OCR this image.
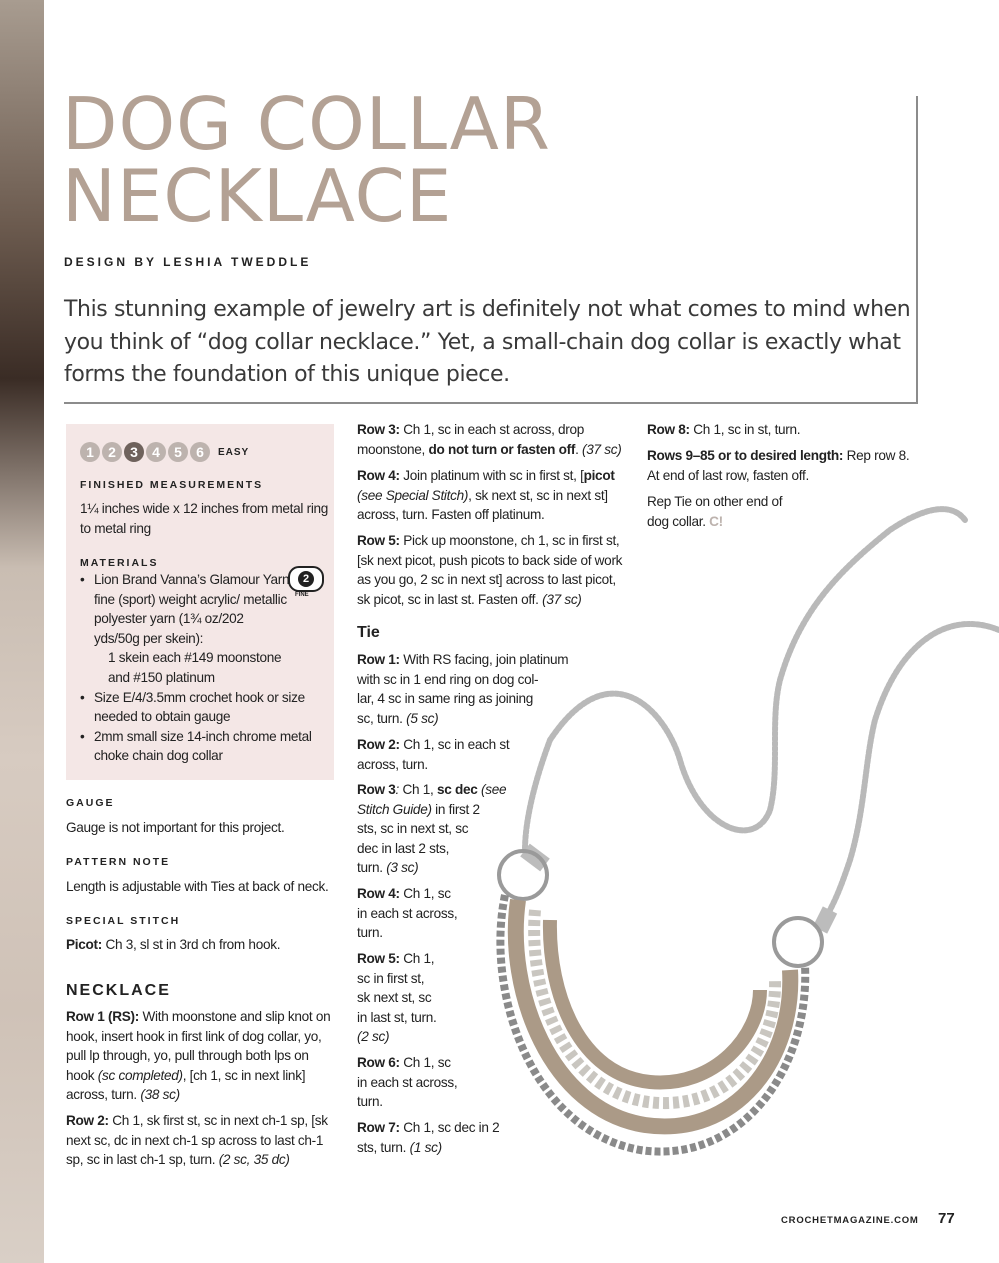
DOG COLLAR
NECKLACE
DESIGN BY LESHIA TWEDDLE
This stunning example of jewelry art is definitely not what comes to mind when you think of “dog collar necklace.” Yet, a small-chain dog collar is exactly what forms the foundation of this unique piece.
1	2	3	4	5	6	EASY
FINISHED MEASUREMENTS
1¼ inches wide x 12 inches from metal ring to metal ring
MATERIALS
2
FINE
• Lion Brand Vanna’s Glamour Yarn fine (sport) weight acrylic/ metallic polyester yarn (1¾ oz/202 yds/50g per skein):
1 skein each #149 moonstone and #150 platinum
• Size E/4/3.5mm crochet hook or size needed to obtain gauge
• 2mm small size 14-inch chrome metal choke chain dog collar
GAUGE
Gauge is not important for this project.
PATTERN NOTE
Length is adjustable with Ties at back of neck.
SPECIAL STITCH
Picot: Ch 3, sl st in 3rd ch from hook.
NECKLACE
Row 1 (RS): With moonstone and slip knot on hook, insert hook in first link of dog collar, yo, pull lp through, yo, pull through both lps on hook (sc completed), [ch 1, sc in next link] across, turn. (38 sc)
Row 2: Ch 1, sk first st, sc in next ch-1 sp, [sk next sc, dc in next ch-1 sp across to last ch-1 sp, sc in last ch-1 sp, turn. (2 sc, 35 dc)
Row 3: Ch 1, sc in each st across, drop moonstone, do not turn or fasten off. (37 sc)
Row 4: Join platinum with sc in first st, [picot (see Special Stitch), sk next st, sc in next st] across, turn. Fasten off platinum.
Row 5: Pick up moonstone, ch 1, sc in first st, [sk next picot, push picots to back side of work as you go, 2 sc in next st] across to last picot, sk picot, sc in last st. Fasten off. (37 sc)
Tie
Row 1: With RS facing, join platinum
with sc in 1 end ring on dog col-
lar, 4 sc in same ring as joining
sc, turn. (5 sc)
Row 2: Ch 1, sc in each st
across, turn.
Row 3: Ch 1, sc dec (see
Stitch Guide) in first 2
sts, sc in next st, sc
dec in last 2 sts,
turn. (3 sc)
Row 4: Ch 1, sc
in each st across,
turn.
Row 5: Ch 1,
sc in first st,
sk next st, sc
in last st, turn.
(2 sc)
Row 6: Ch 1, sc
in each st across,
turn.
Row 7: Ch 1, sc dec in 2
sts, turn. (1 sc)
Row 8: Ch 1, sc in st, turn.
Rows 9–85 or to desired length: Rep row 8.
At end of last row, fasten off.
Rep Tie on other end of
dog collar. C!
CROCHETMAGAZINE.COM 77
